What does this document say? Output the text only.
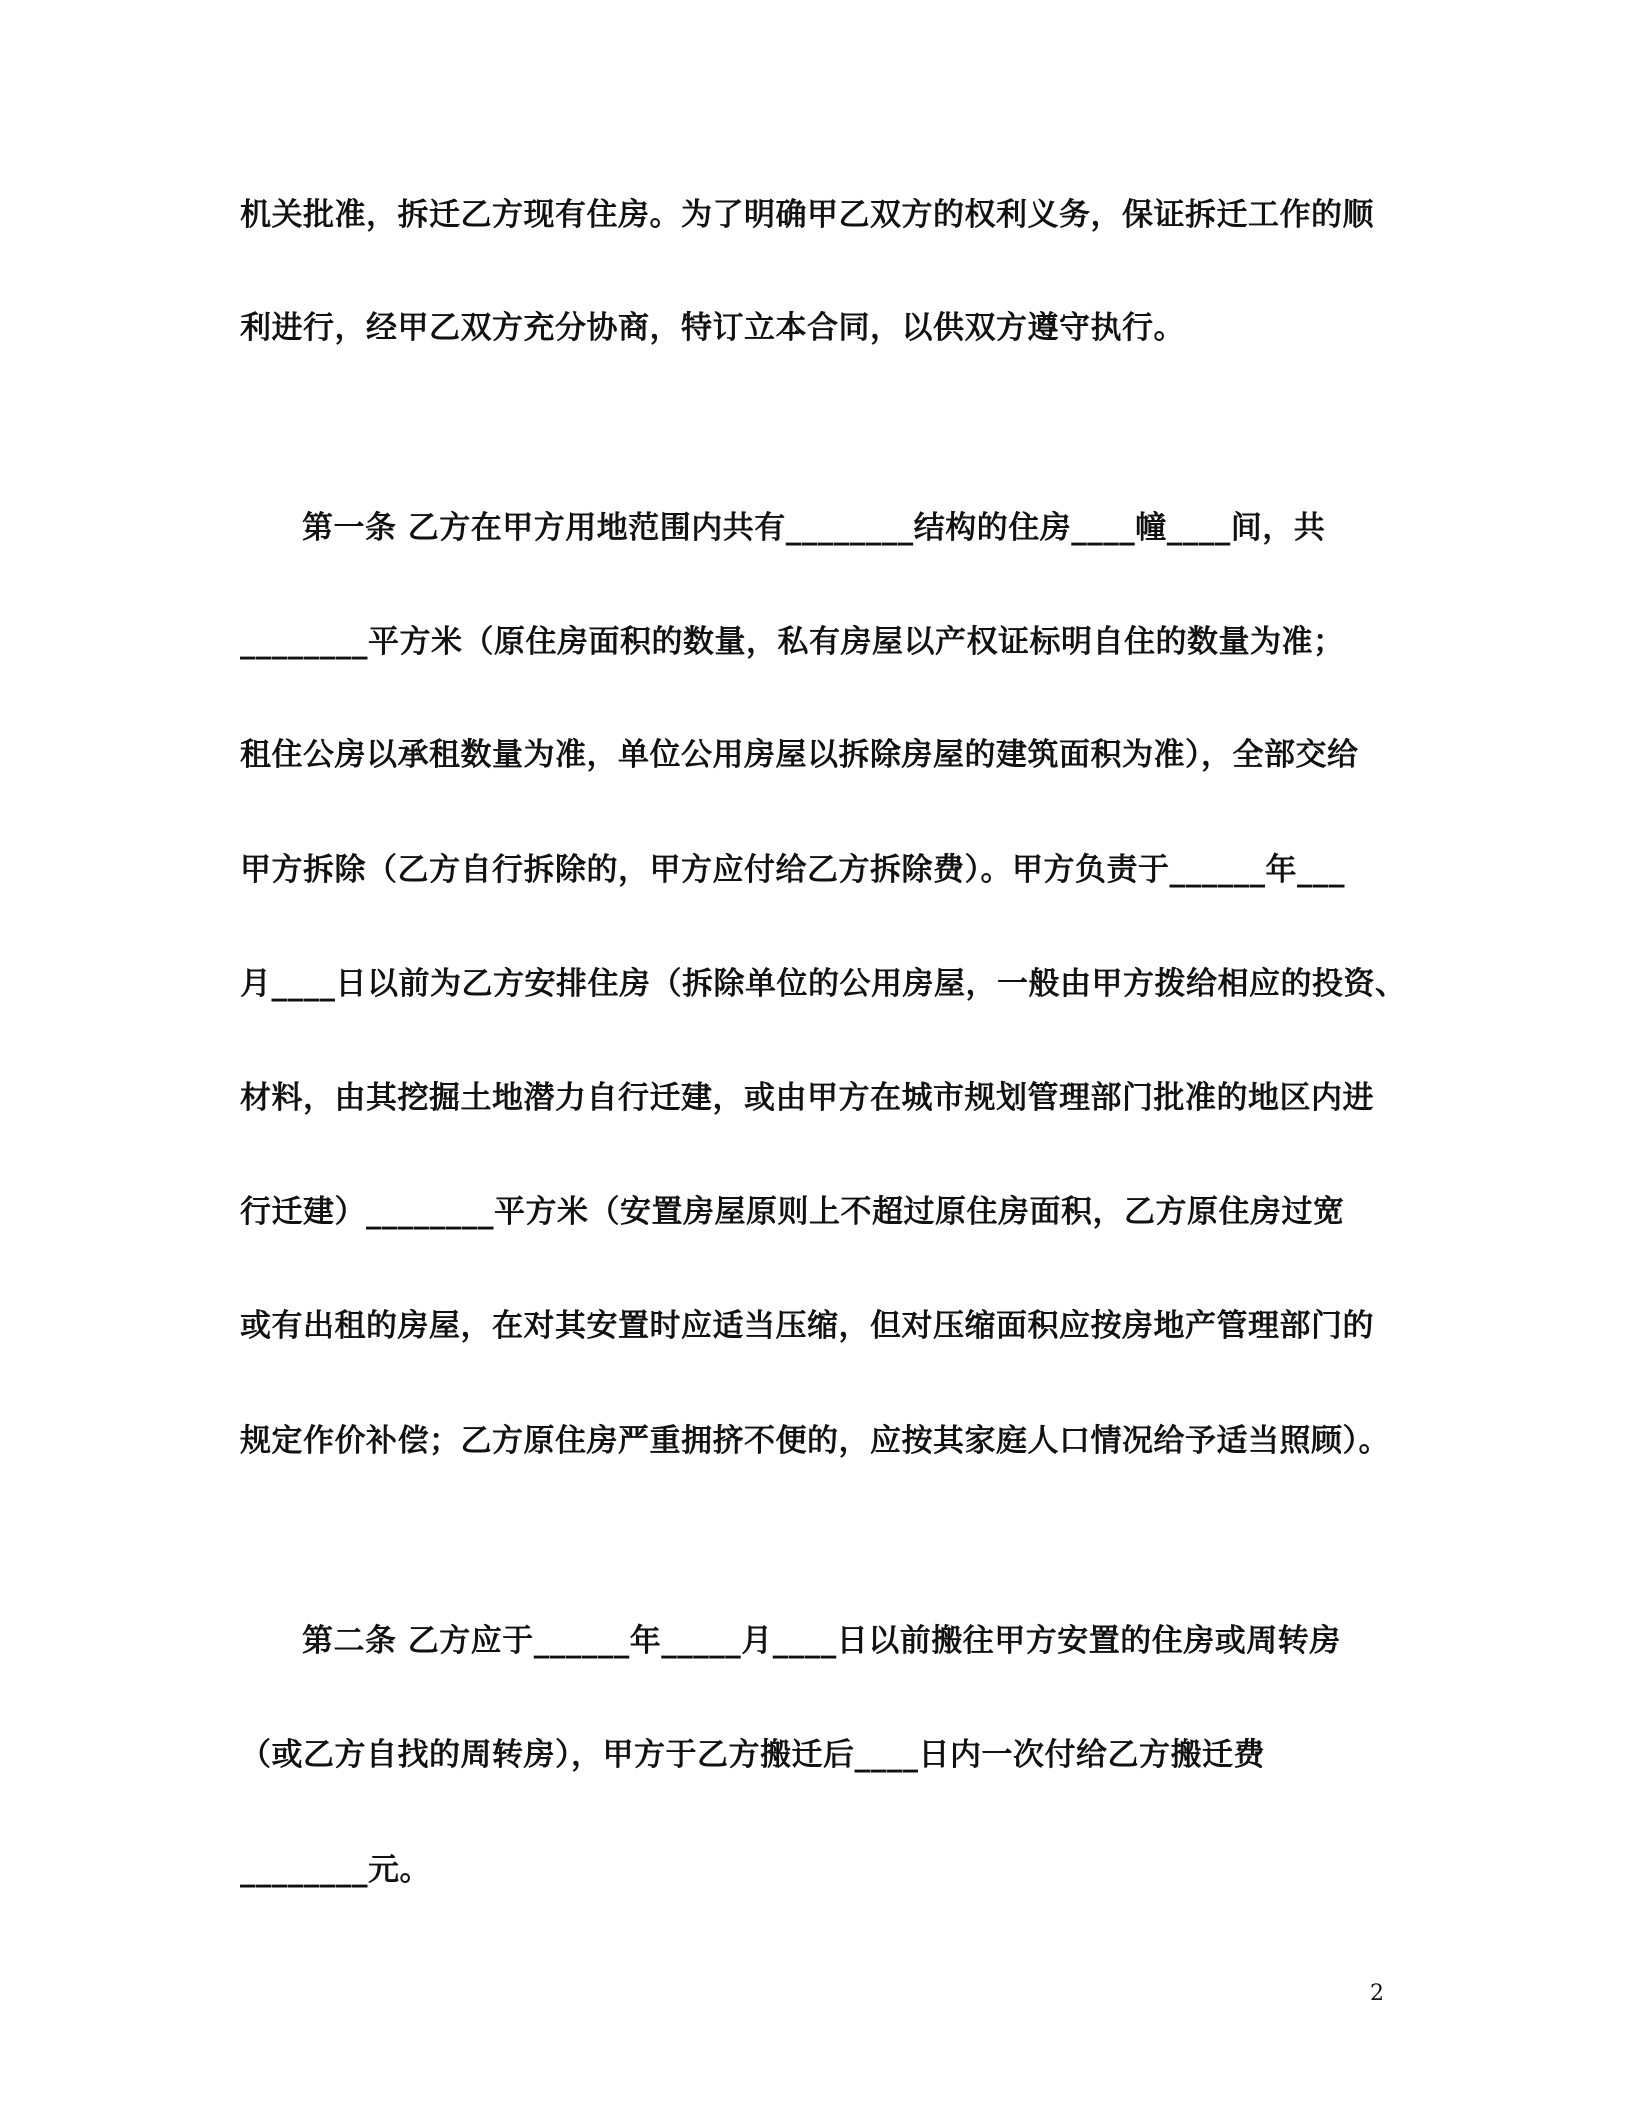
机关批准，拆迁乙方现有住房。为了明确甲乙双方的权利义务，保证拆迁工作的顺
利进行，经甲乙双方充分协商，特订立本合同，以供双方遵守执行。
第一条 乙方在甲方用地范围内共有________结构的住房____幢____间，共
________平方米（原住房面积的数量，私有房屋以产权证标明自住的数量为准；
租住公房以承租数量为准，单位公用房屋以拆除房屋的建筑面积为准），全部交给
甲方拆除（乙方自行拆除的，甲方应付给乙方拆除费）。甲方负责于______年___
月____日以前为乙方安排住房（拆除单位的公用房屋，一般由甲方拨给相应的投资、
材料，由其挖掘土地潜力自行迁建，或由甲方在城市规划管理部门批准的地区内进
行迁建）________平方米（安置房屋原则上不超过原住房面积，乙方原住房过宽
或有出租的房屋，在对其安置时应适当压缩，但对压缩面积应按房地产管理部门的
规定作价补偿；乙方原住房严重拥挤不便的，应按其家庭人口情况给予适当照顾）。
第二条 乙方应于______年_____月____日以前搬往甲方安置的住房或周转房
（或乙方自找的周转房），甲方于乙方搬迁后____日内一次付给乙方搬迁费
________元。
2
